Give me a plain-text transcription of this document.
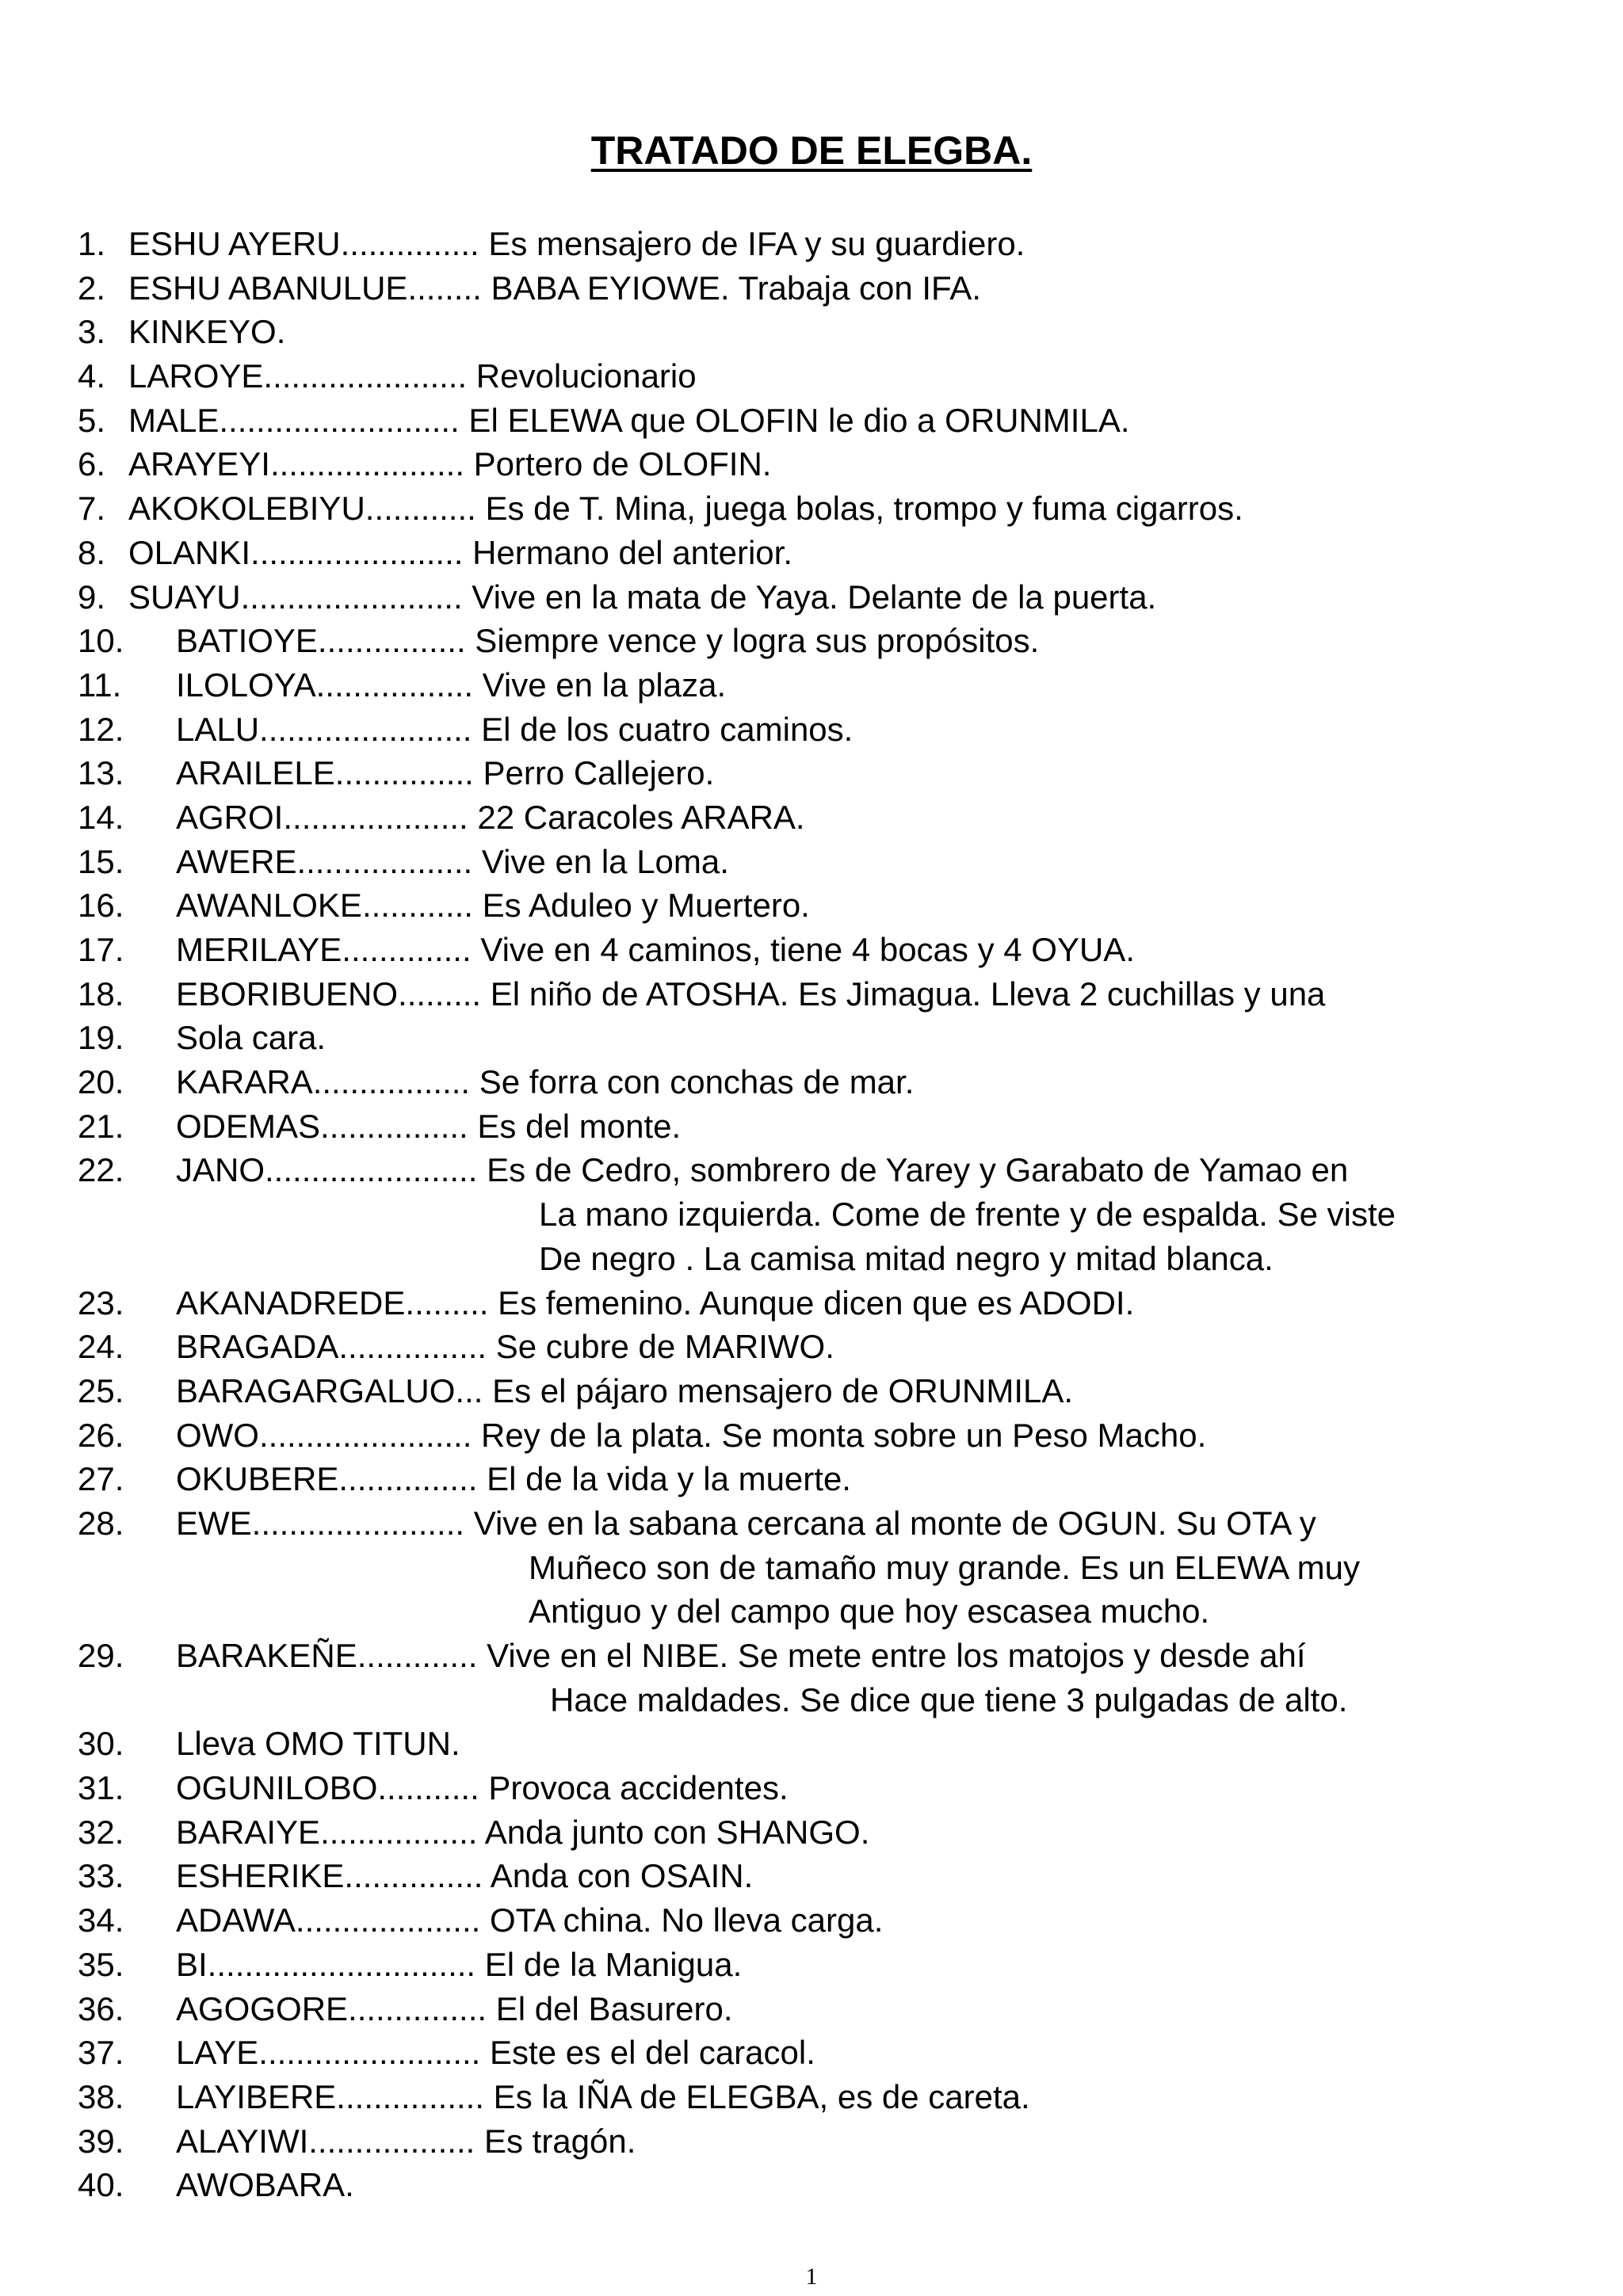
TRATADO DE ELEGBA.
1. ESHU AYERU............... Es mensajero de IFA y su guardiero.
2. ESHU ABANULUE........ BABA EYIOWE. Trabaja con IFA.
3. KINKEYO.
4. LAROYE...................... Revolucionario
5. MALE.......................... El ELEWA que OLOFIN le dio a ORUNMILA.
6. ARAYEYI..................... Portero de OLOFIN.
7. AKOKOLEBIYU............ Es de T. Mina, juega bolas, trompo y fuma cigarros.
8. OLANKI....................... Hermano del anterior.
9. SUAYU........................ Vive en la mata de Yaya. Delante de la puerta.
10. BATIOYE................ Siempre vence y logra sus propósitos.
11. ILOLOYA................. Vive en la plaza.
12. LALU....................... El de los cuatro caminos.
13. ARAILELE............... Perro Callejero.
14. AGROI.................... 22 Caracoles ARARA.
15. AWERE................... Vive en la Loma.
16. AWANLOKE............ Es Aduleo y Muertero.
17. MERILAYE.............. Vive en 4 caminos, tiene 4 bocas y 4 OYUA.
18. EBORIBUENO......... El niño de ATOSHA. Es Jimagua. Lleva 2 cuchillas y una
19. Sola cara.
20. KARARA................. Se forra con conchas de mar.
21. ODEMAS................ Es del monte.
22. JANO....................... Es de Cedro, sombrero de Yarey y Garabato de Yamao en
La mano izquierda. Come de frente y de espalda. Se viste
De negro . La camisa mitad negro y mitad blanca.
23. AKANADREDE......... Es femenino. Aunque dicen que es ADODI.
24. BRAGADA................ Se cubre de MARIWO.
25. BARAGARGALUO... Es el pájaro mensajero de ORUNMILA.
26. OWO....................... Rey de la plata. Se monta sobre un Peso Macho.
27. OKUBERE............... El de la vida y la muerte.
28. EWE....................... Vive en la sabana cercana al monte de OGUN. Su OTA y
Muñeco son de tamaño muy grande. Es un ELEWA muy
Antiguo y del campo que hoy escasea mucho.
29. BARAKEÑE............. Vive en el NIBE. Se mete entre los matojos y desde ahí
Hace maldades. Se dice que tiene 3 pulgadas de alto.
30. Lleva OMO TITUN.
31. OGUNILOBO........... Provoca accidentes.
32. BARAIYE................. Anda junto con SHANGO.
33. ESHERIKE............... Anda con OSAIN.
34. ADAWA.................... OTA china. No lleva carga.
35. BI............................. El de la Manigua.
36. AGOGORE............... El del Basurero.
37. LAYE........................ Este es el del caracol.
38. LAYIBERE................ Es la IÑA de ELEGBA, es de careta.
39. ALAYIWI.................. Es tragón.
40. AWOBARA.
1
